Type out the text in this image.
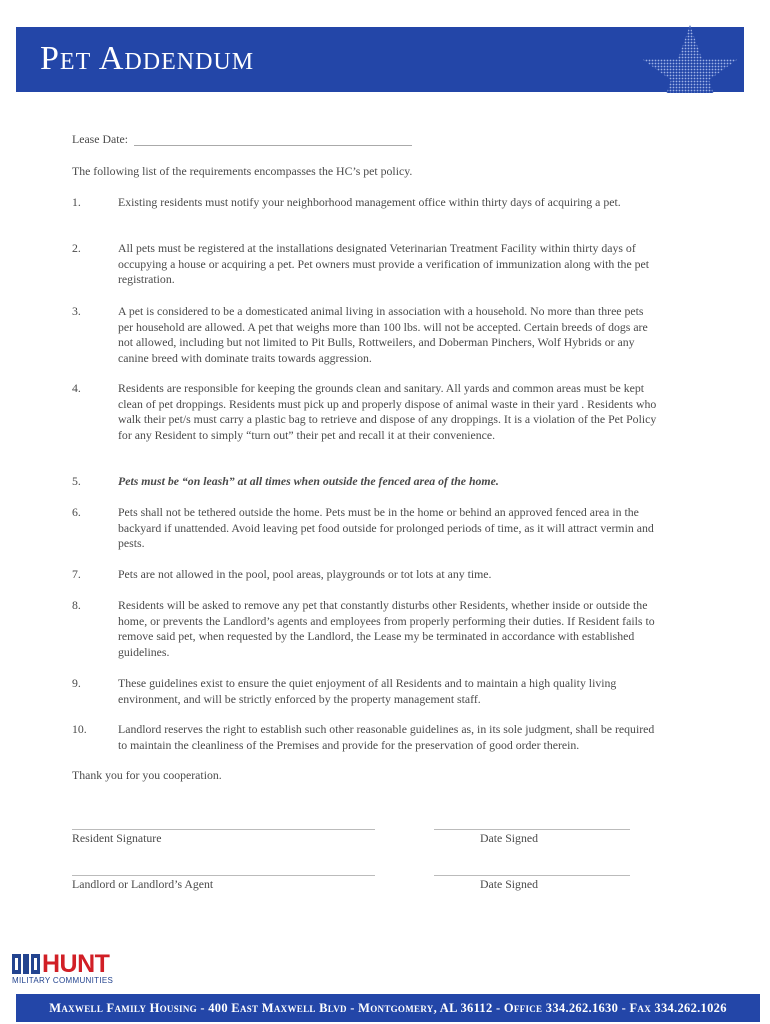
Pet Addendum
Lease Date:
The following list of the requirements encompasses the HC’s pet policy.
1.	Existing residents must notify your neighborhood management office within thirty days of acquiring a pet.
2.	All pets must be registered at the installations designated Veterinarian Treatment Facility within thirty days of occupying a house or acquiring a pet. Pet owners must provide a verification of immunization along with the pet registration.
3.	A pet is considered to be a domesticated animal living in association with a household. No more than three pets per household are allowed. A pet that weighs more than 100 lbs. will not be accepted. Certain breeds of dogs are not allowed, including but not limited to Pit Bulls, Rottweilers, and Doberman Pinchers, Wolf Hybrids or any canine breed with dominate traits towards aggression.
4.	Residents are responsible for keeping the grounds clean and sanitary. All yards and common areas must be kept clean of pet droppings. Residents must pick up and properly dispose of animal waste in their yard . Residents who walk their pet/s must carry a plastic bag to retrieve and dispose of any droppings. It is a violation of the Pet Policy for any Resident to simply “turn out” their pet and recall it at their convenience.
5.	Pets must be “on leash” at all times when outside the fenced area of the home.
6.	Pets shall not be tethered outside the home. Pets must be in the home or behind an approved fenced area in the backyard if unattended. Avoid leaving pet food outside for prolonged periods of time, as it will attract vermin and pests.
7.	Pets are not allowed in the pool, pool areas, playgrounds or tot lots at any time.
8.	Residents will be asked to remove any pet that constantly disturbs other Residents, whether inside or outside the home, or prevents the Landlord’s agents and employees from properly performing their duties. If Resident fails to remove said pet, when requested by the Landlord, the Lease my be terminated in accordance with established guidelines.
9.	These guidelines exist to ensure the quiet enjoyment of all Residents and to maintain a high quality living environment, and will be strictly enforced by the property management staff.
10.	Landlord reserves the right to establish such other reasonable guidelines as, in its sole judgment, shall be required to maintain the cleanliness of the Premises and provide for the preservation of good order therein.
Thank you for you cooperation.
Resident Signature	Date Signed
Landlord or Landlord’s Agent	Date Signed
HUNT
MILITARY COMMUNITIES
Maxwell Family Housing - 400 East Maxwell Blvd - Montgomery, AL 36112 - Office 334.262.1630 - Fax 334.262.1026
